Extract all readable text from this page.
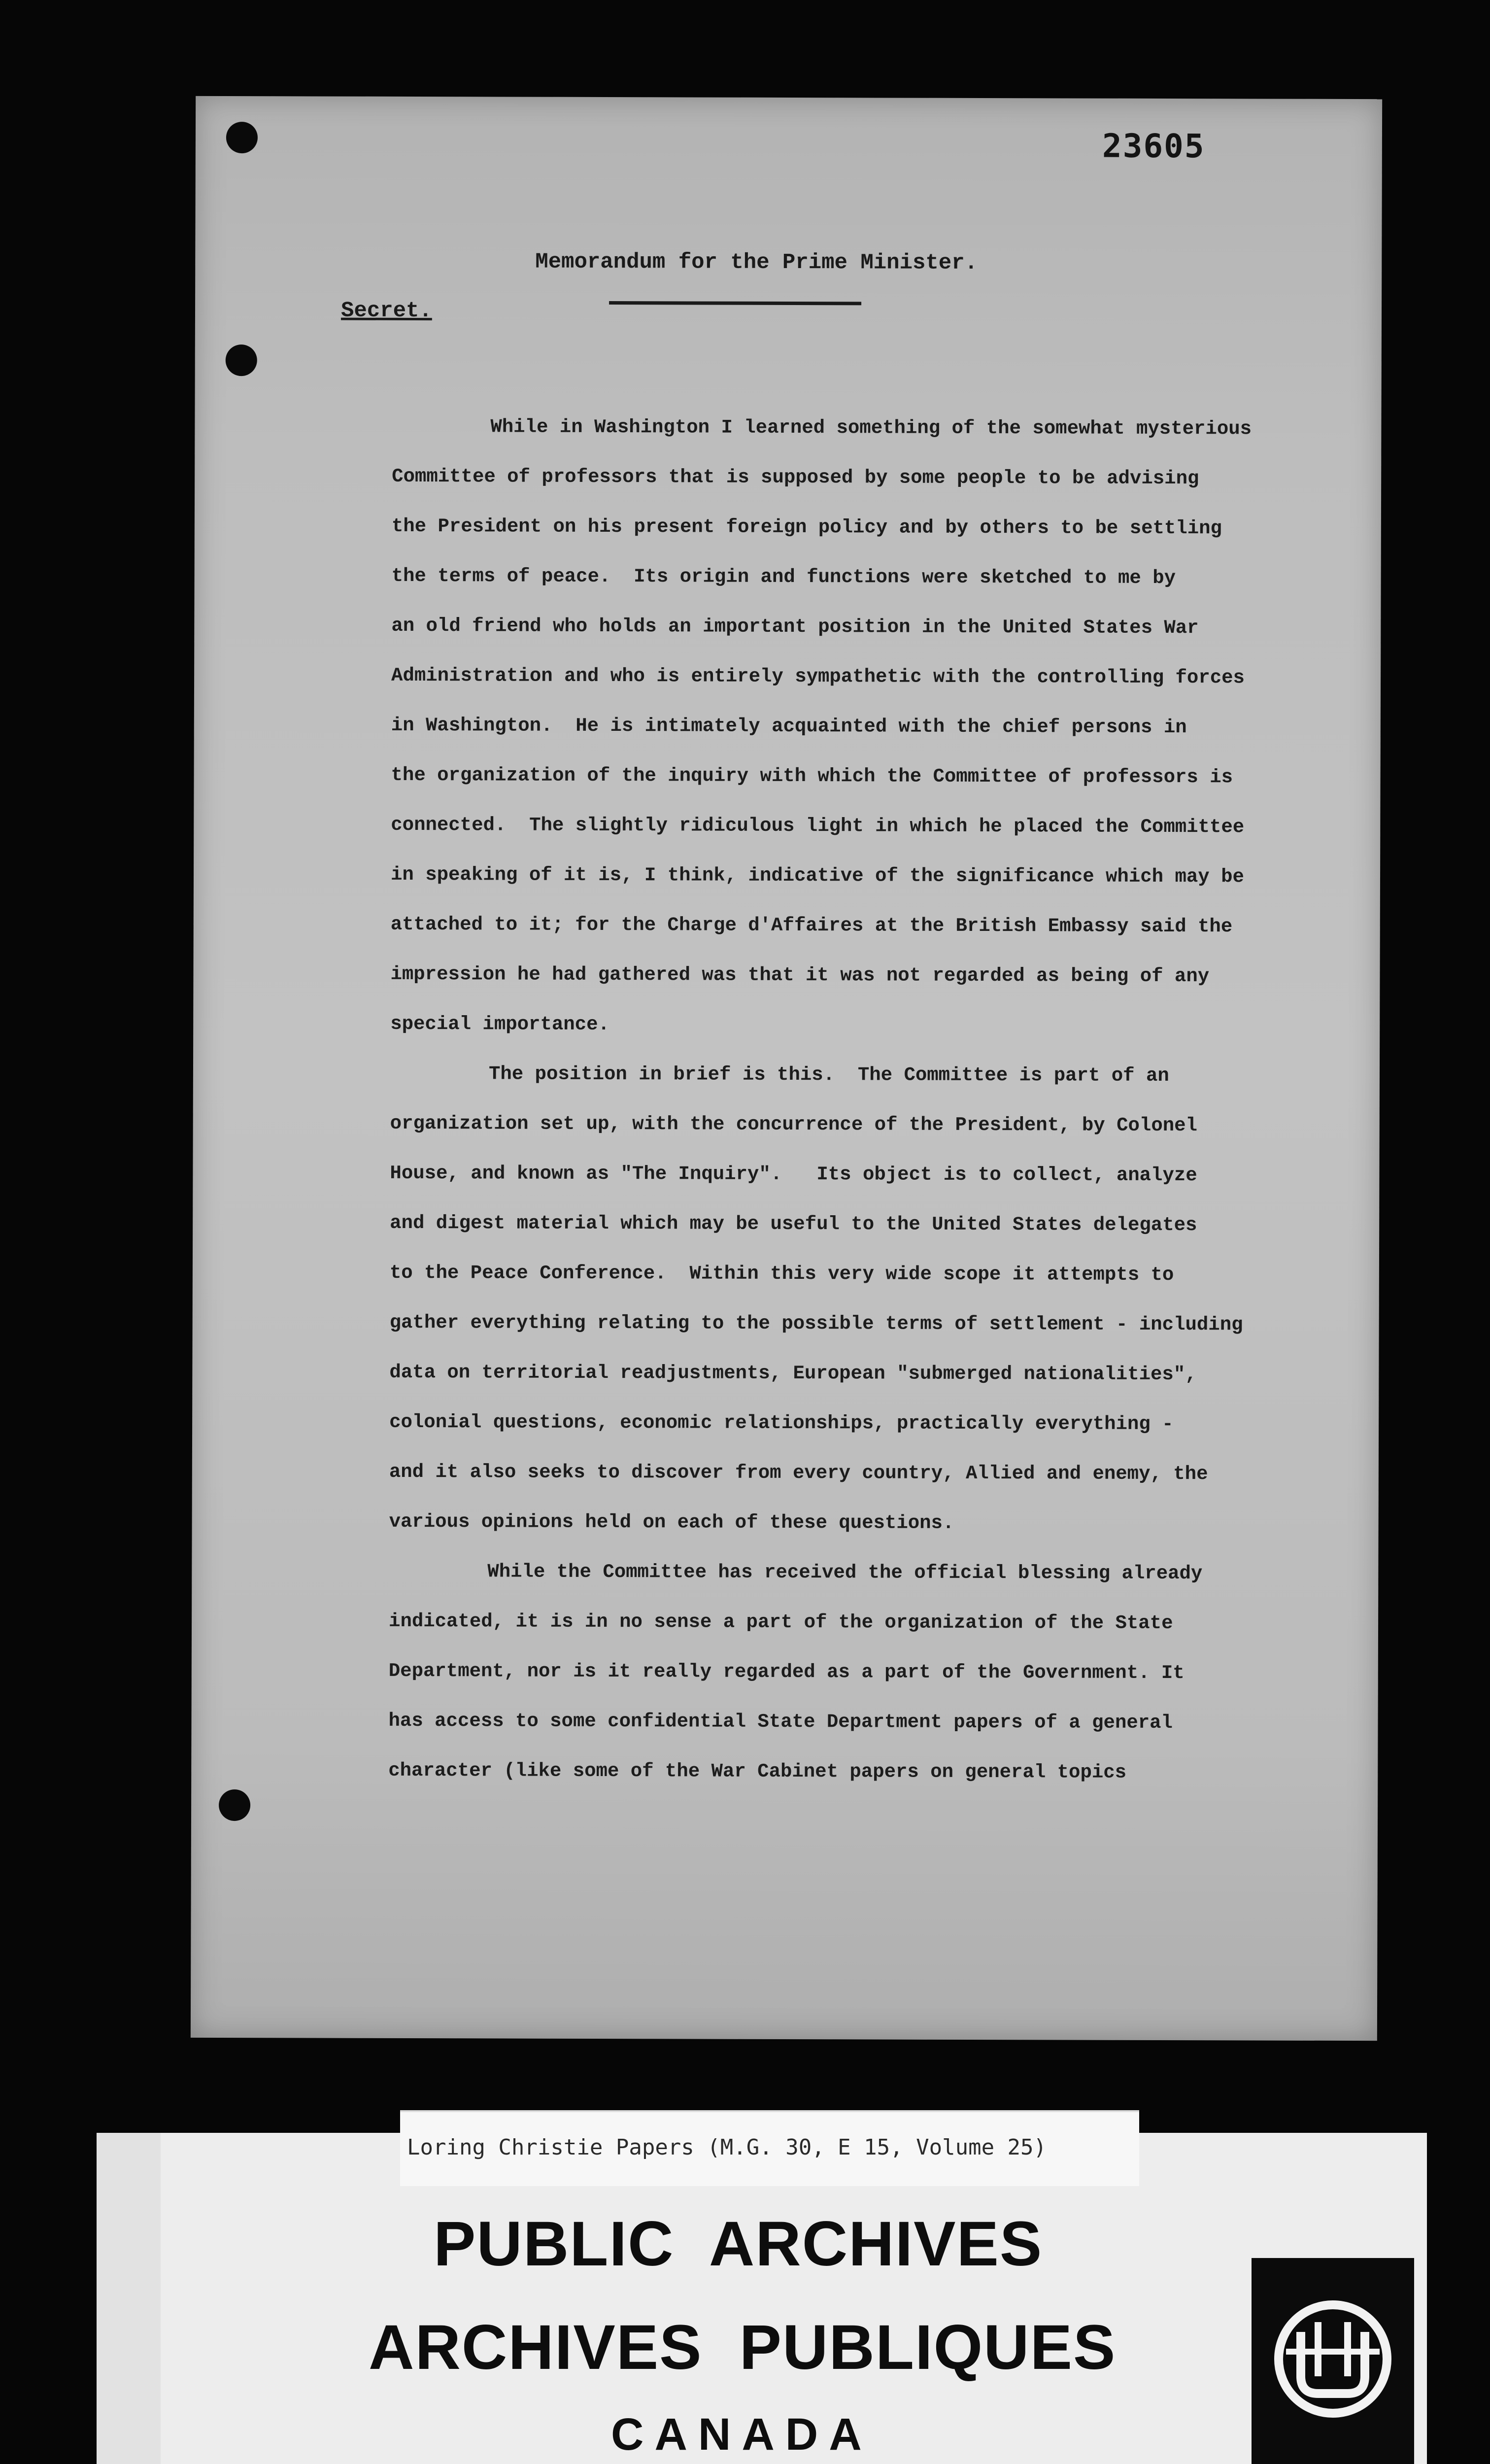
23605
Memorandum for the Prime Minister.
Secret.
While in Washington I learned something of the somewhat mysterious
Committee of professors that is supposed by some people to be advising
the President on his present foreign policy and by others to be settling
the terms of peace.  Its origin and functions were sketched to me by
an old friend who holds an important position in the United States War
Administration and who is entirely sympathetic with the controlling forces
in Washington.  He is intimately acquainted with the chief persons in
the organization of the inquiry with which the Committee of professors is
connected.  The slightly ridiculous light in which he placed the Committee
in speaking of it is, I think, indicative of the significance which may be
attached to it; for the Charge d'Affaires at the British Embassy said the
impression he had gathered was that it was not regarded as being of any
special importance.
The position in brief is this.  The Committee is part of an
organization set up, with the concurrence of the President, by Colonel
House, and known as "The Inquiry".   Its object is to collect, analyze
and digest material which may be useful to the United States delegates
to the Peace Conference.  Within this very wide scope it attempts to
gather everything relating to the possible terms of settlement - including
data on territorial readjustments, European "submerged nationalities",
colonial questions, economic relationships, practically everything -
and it also seeks to discover from every country, Allied and enemy, the
various opinions held on each of these questions.
While the Committee has received the official blessing already
indicated, it is in no sense a part of the organization of the State
Department, nor is it really regarded as a part of the Government. It
has access to some confidential State Department papers of a general
character (like some of the War Cabinet papers on general topics
Loring Christie Papers (M.G. 30, E 15, Volume 25)
PUBLIC  ARCHIVES
ARCHIVES  PUBLIQUES
CANADA
